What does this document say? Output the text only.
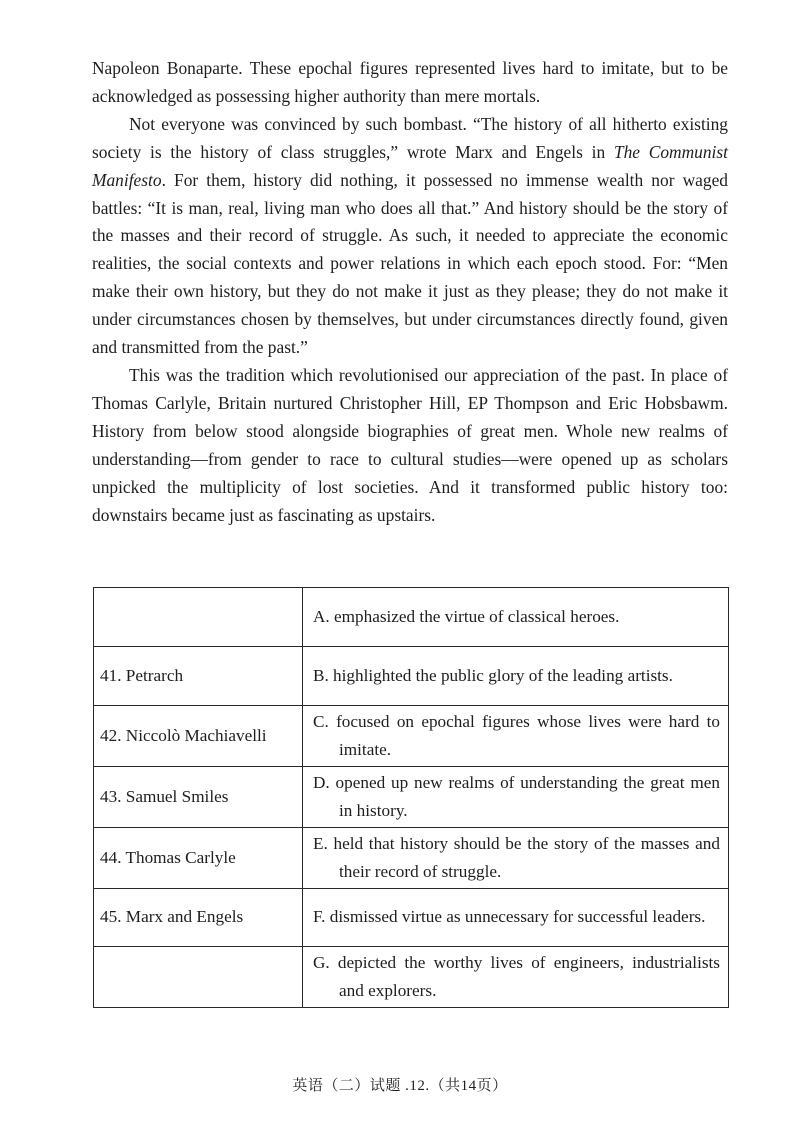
Napoleon Bonaparte. These epochal figures represented lives hard to imitate, but to be acknowledged as possessing higher authority than mere mortals.

Not everyone was convinced by such bombast. “The history of all hitherto existing society is the history of class struggles,” wrote Marx and Engels in The Communist Manifesto. For them, history did nothing, it possessed no immense wealth nor waged battles: “It is man, real, living man who does all that.” And history should be the story of the masses and their record of struggle. As such, it needed to appreciate the economic realities, the social contexts and power relations in which each epoch stood. For: “Men make their own history, but they do not make it just as they please; they do not make it under circumstances chosen by themselves, but under circumstances directly found, given and transmitted from the past.”

This was the tradition which revolutionised our appreciation of the past. In place of Thomas Carlyle, Britain nurtured Christopher Hill, EP Thompson and Eric Hobsbawm. History from below stood alongside biographies of great men. Whole new realms of understanding—from gender to race to cultural studies—were opened up as scholars unpicked the multiplicity of lost societies. And it transformed public history too: downstairs became just as fascinating as upstairs.

	A. emphasized the virtue of classical heroes.

41. Petrarch	B. highlighted the public glory of the leading artists.

42. Niccolò Machiavelli	C. focused on epochal figures whose lives were hard to imitate.

43. Samuel Smiles	D. opened up new realms of understanding the great men in history.

44. Thomas Carlyle	E. held that history should be the story of the masses and their record of struggle.

45. Marx and Engels	F. dismissed virtue as unnecessary for successful leaders.

	G. depicted the worthy lives of engineers, industrialists and explorers.
英语（二）试题 .12.（共14页）
